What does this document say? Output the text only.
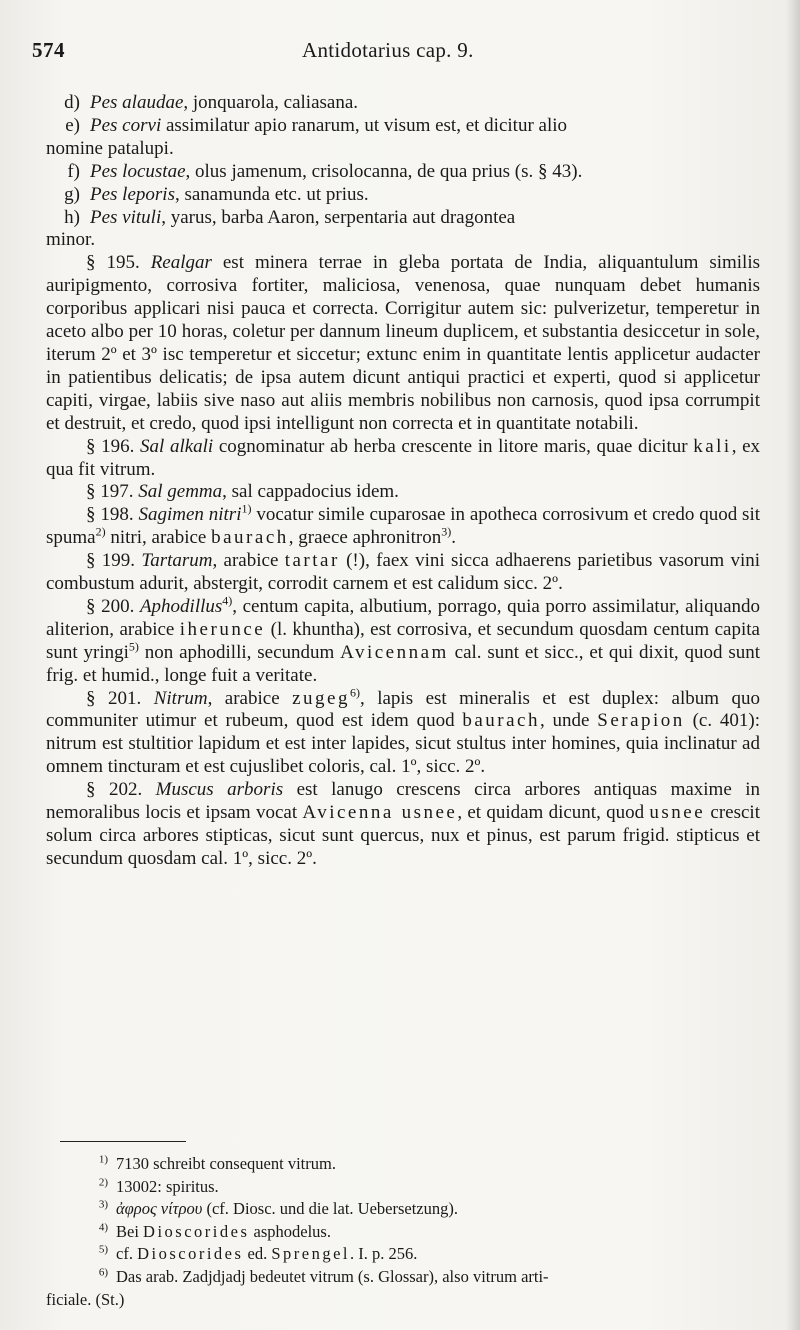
574	Antidotarius cap. 9.
d) Pes alaudae, jonquarola, caliasana.
e) Pes corvi assimilatur apio ranarum, ut visum est, et dicitur alio
nomine patalupi.
f) Pes locustae, olus jamenum, crisolocanna, de qua prius (s. § 43).
g) Pes leporis, sanamunda etc. ut prius.
h) Pes vituli, yarus, barba Aaron, serpentaria aut dragontea
minor.

§ 195. Realgar est minera terrae in gleba portata de India, aliquantulum similis auripigmento, corrosiva fortiter, maliciosa, venenosa, quae nunquam debet humanis corporibus applicari nisi pauca et correcta. Corrigitur autem sic: pulverizetur, temperetur in aceto albo per 10 horas, coletur per dannum lineum duplicem, et substantia desiccetur in sole, iterum 2º et 3º isc temperetur et siccetur; extunc enim in quantitate lentis applicetur audacter in patientibus delicatis; de ipsa autem dicunt antiqui practici et experti, quod si applicetur capiti, virgae, labiis sive naso aut aliis membris nobilibus non carnosis, quod ipsa corrumpit et destruit, et credo, quod ipsi intelligunt non correcta et in quantitate notabili.

§ 196. Sal alkali cognominatur ab herba crescente in litore maris, quae dicitur kali, ex qua fit vitrum.

§ 197. Sal gemma, sal cappadocius idem.

§ 198. Sagimen nitri$^{1)}$ vocatur simile cuparosae in apotheca corrosivum et credo quod sit spuma$^{2)}$ nitri, arabice baurach, graece aphronitron$^{3)}$.

§ 199. Tartarum, arabice tartar (!), faex vini sicca adhaerens parietibus vasorum vini combustum adurit, abstergit, corrodit carnem et est calidum sicc. 2º.

§ 200. Aphodillus$^{4)}$, centum capita, albutium, porrago, quia porro assimilatur, aliquando aliterion, arabice iherunce (l. khuntha), est corrosiva, et secundum quosdam centum capita sunt yringi$^{5)}$ non aphodilli, secundum Avicennam cal. sunt et sicc., et qui dixit, quod sunt frig. et humid., longe fuit a veritate.

§ 201. Nitrum, arabice zugeg$^{6)}$, lapis est mineralis et est duplex: album quo communiter utimur et rubeum, quod est idem quod baurach, unde Serapion (c. 401): nitrum est stultitior lapidum et est inter lapides, sicut stultus inter homines, quia inclinatur ad omnem tincturam et est cujuslibet coloris, cal. 1º, sicc. 2º.

§ 202. Muscus arboris est lanugo crescens circa arbores antiquas maxime in nemoralibus locis et ipsam vocat Avicenna usnee, et quidam dicunt, quod usnee crescit solum circa arbores stipticas, sicut sunt quercus, nux et pinus, est parum frigid. stipticus et secundum quosdam cal. 1º, sicc. 2º.

$^{1)}$ 7130 schreibt consequent vitrum.
$^{2)}$ 13002: spiritus.
$^{3)}$ ἀφρος νίτρου (cf. Diosc. und die lat. Uebersetzung).
$^{4)}$ Bei Dioscorides asphodelus.
$^{5)}$ cf. Dioscorides ed. Sprengel. I. p. 256.
$^{6)}$ Das arab. Zadjdjadj bedeutet vitrum (s. Glossar), also vitrum arti-
ficiale. (St.)
